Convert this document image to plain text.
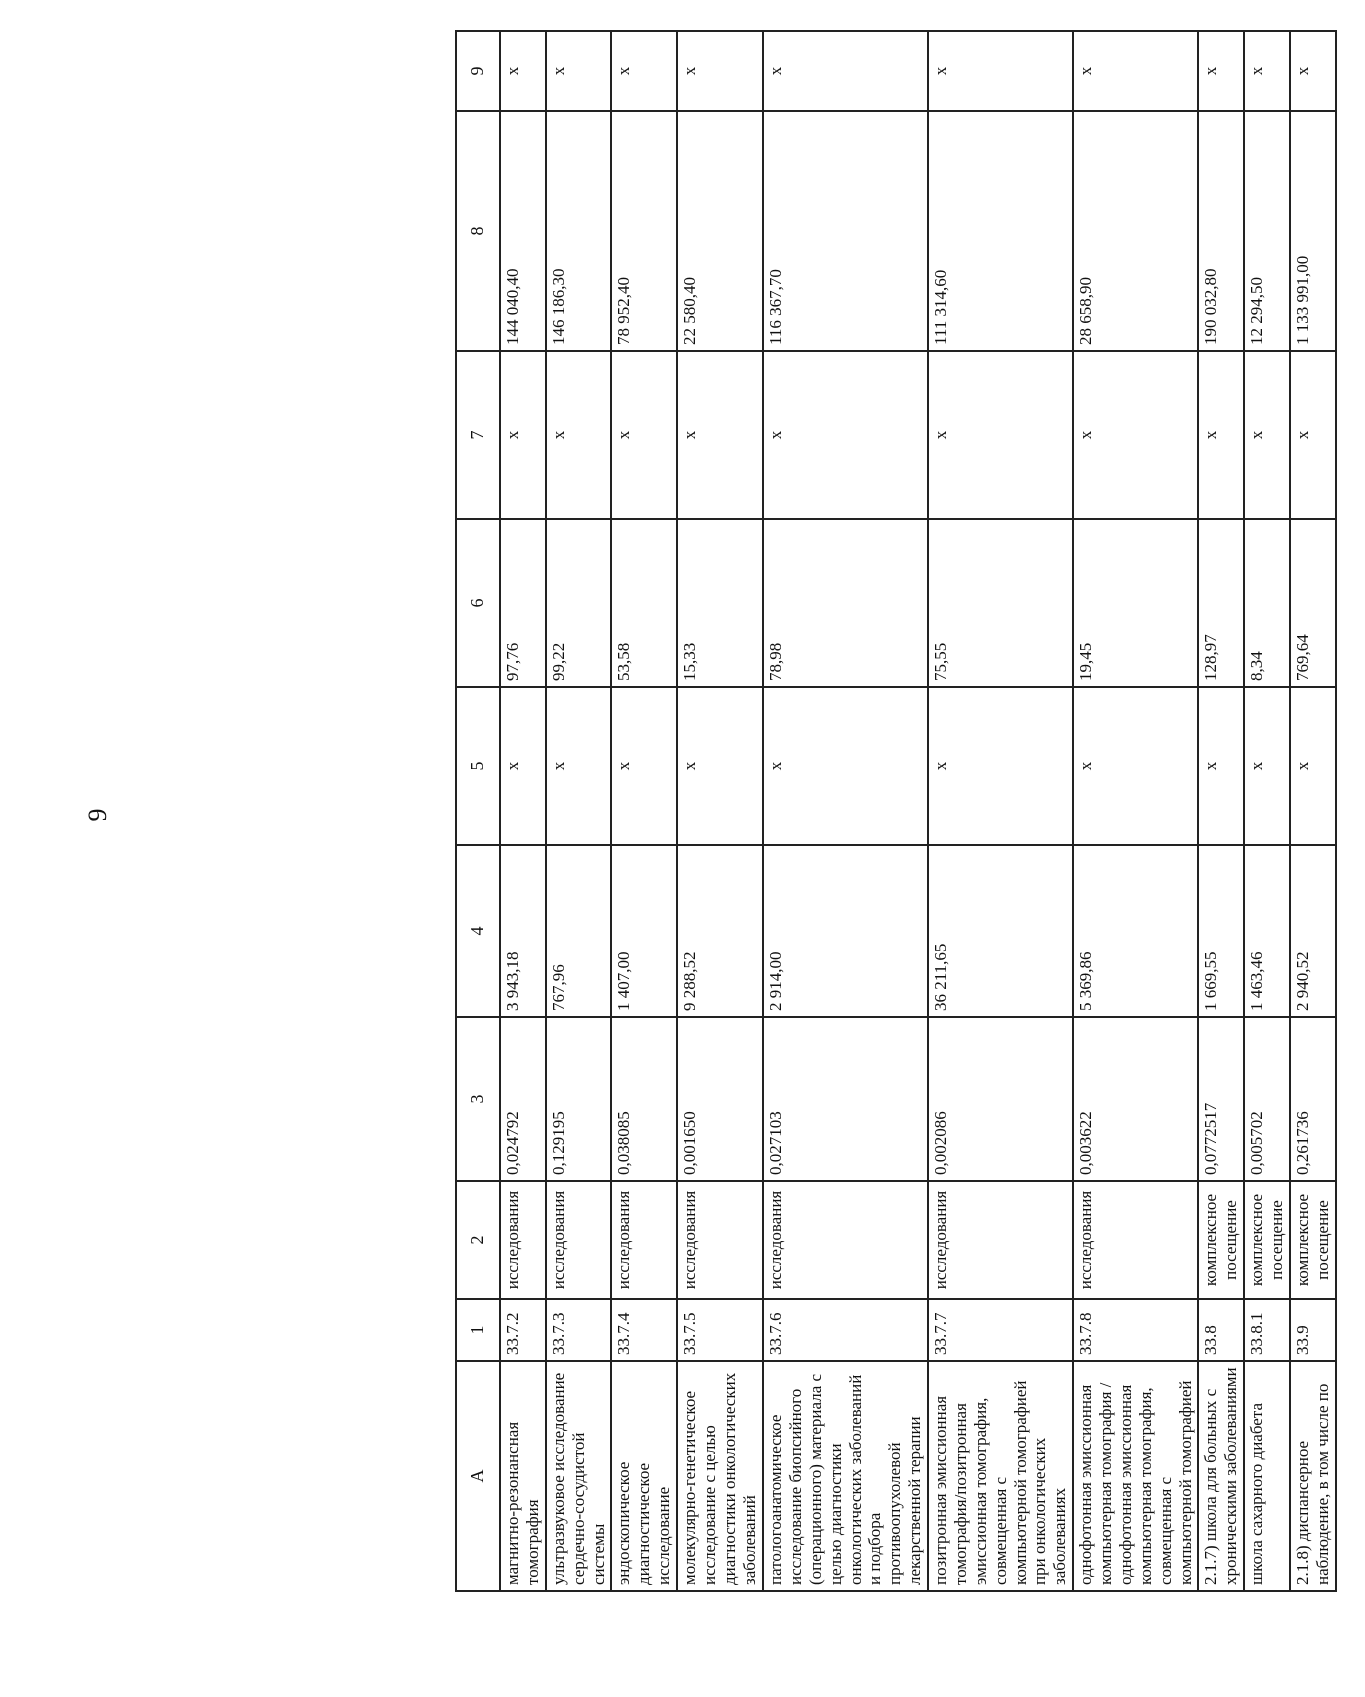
9
А	1	2	3	4	5	6	7	8	9
магнитно-резонансная томография	33.7.2	исследования	0,024792	3 943,18	x	97,76	x	144 040,40	x
ультразвуковое исследование сердечно-сосудистой системы	33.7.3	исследования	0,129195	767,96	x	99,22	x	146 186,30	x
эндоскопическое диагностическое исследование	33.7.4	исследования	0,038085	1 407,00	x	53,58	x	78 952,40	x
молекулярно-генетическое исследование с целью диагностики онкологических заболеваний	33.7.5	исследования	0,001650	9 288,52	x	15,33	x	22 580,40	x
патологоанатомическое исследование биопсийного (операционного) материала с целью диагностики онкологических заболеваний и подбора противоопухолевой лекарственной терапии	33.7.6	исследования	0,027103	2 914,00	x	78,98	x	116 367,70	x
позитронная эмиссионная томография/позитронная эмиссионная томография, совмещенная с компьютерной томографией при онкологических заболеваниях	33.7.7	исследования	0,002086	36 211,65	x	75,55	x	111 314,60	x
однофотонная эмиссионная компьютерная томография / однофотонная эмиссионная компьютерная томография, совмещенная с компьютерной томографией	33.7.8	исследования	0,003622	5 369,86	x	19,45	x	28 658,90	x
2.1.7) школа для больных с хроническими заболеваниями	33.8	комплексное посещение	0,0772517	1 669,55	x	128,97	x	190 032,80	x
школа сахарного диабета	33.8.1	комплексное посещение	0,005702	1 463,46	x	8,34	x	12 294,50	x
2.1.8) диспансерное наблюдение, в том числе по	33.9	комплексное посещение	0,261736	2 940,52	x	769,64	x	1 133 991,00	x
